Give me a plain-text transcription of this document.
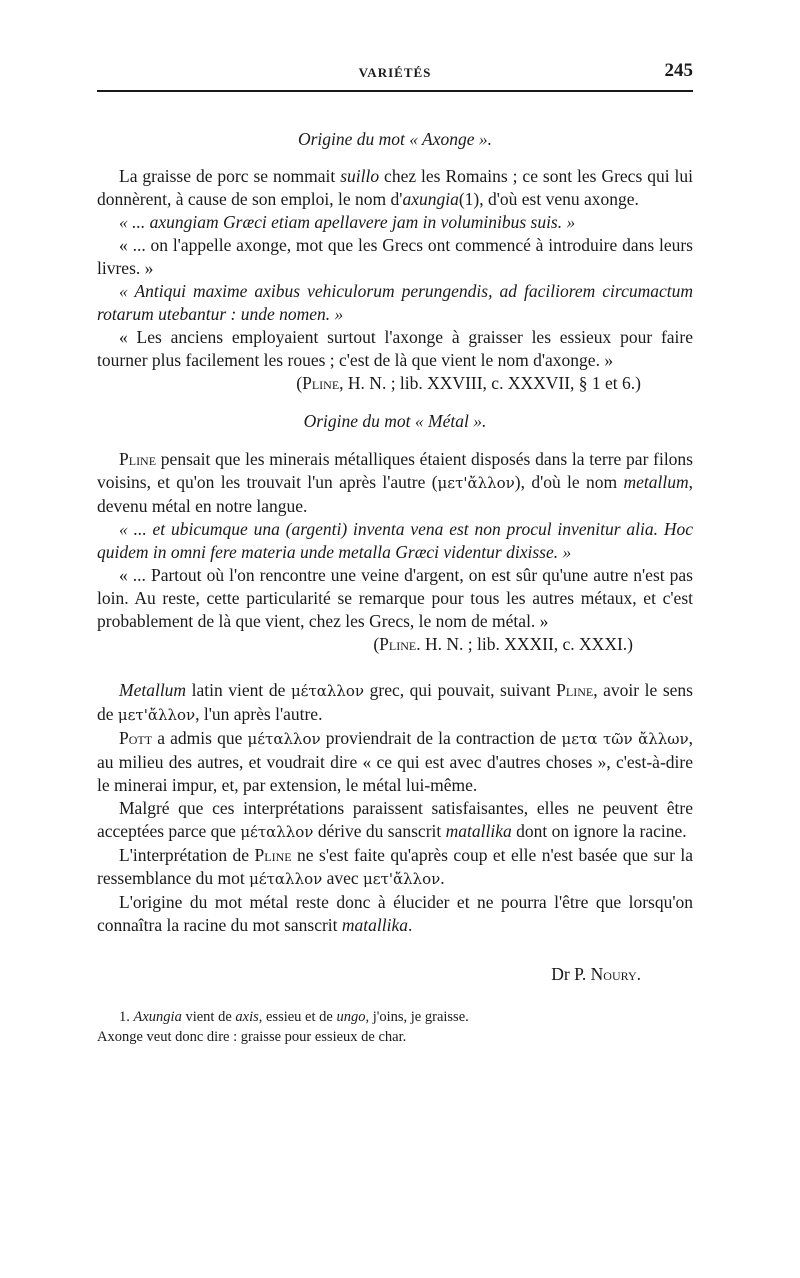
VARIÉTÉS	245
Origine du mot « Axonge ».

La graisse de porc se nommait suillo chez les Romains ; ce sont les Grecs qui lui donnèrent, à cause de son emploi, le nom d'axungia(1), d'où est venu axonge.

« ... axungiam Græci etiam apellavere jam in voluminibus suis. »

« ... on l'appelle axonge, mot que les Grecs ont commencé à introduire dans leurs livres. »

« Antiqui maxime axibus vehiculorum perungendis, ad faciliorem circumactum rotarum utebantur : unde nomen. »

« Les anciens employaient surtout l'axonge à graisser les essieux pour faire tourner plus facilement les roues ; c'est de là que vient le nom d'axonge. »

(Pline, H. N. ; lib. XXVIII, c. XXXVII, § 1 et 6.)

Origine du mot « Métal ».

Pline pensait que les minerais métalliques étaient disposés dans la terre par filons voisins, et qu'on les trouvait l'un après l'autre (μετ'ἄλλον), d'où le nom metallum, devenu métal en notre langue.

« ... et ubicumque una (argenti) inventa vena est non procul invenitur alia. Hoc quidem in omni fere materia unde metalla Græci videntur dixisse. »

« ... Partout où l'on rencontre une veine d'argent, on est sûr qu'une autre n'est pas loin. Au reste, cette particularité se remarque pour tous les autres métaux, et c'est probablement de là que vient, chez les Grecs, le nom de métal. »

(Pline. H. N. ; lib. XXXII, c. XXXI.)

Metallum latin vient de μέταλλον grec, qui pouvait, suivant Pline, avoir le sens de μετ'ἄλλον, l'un après l'autre.

Pott a admis que μέταλλον proviendrait de la contraction de μετα τῶν ἄλλων, au milieu des autres, et voudrait dire « ce qui est avec d'autres choses », c'est-à-dire le minerai impur, et, par extension, le métal lui-même.

Malgré que ces interprétations paraissent satisfaisantes, elles ne peuvent être acceptées parce que μέταλλον dérive du sanscrit matallika dont on ignore la racine.

L'interprétation de Pline ne s'est faite qu'après coup et elle n'est basée que sur la ressemblance du mot μέταλλον avec μετ'ἄλλον.

L'origine du mot métal reste donc à élucider et ne pourra l'être que lorsqu'on connaîtra la racine du mot sanscrit matallika.

Dr P. Noury.

1. Axungia vient de axis, essieu et de ungo, j'oins, je graisse.

Axonge veut donc dire : graisse pour essieux de char.
